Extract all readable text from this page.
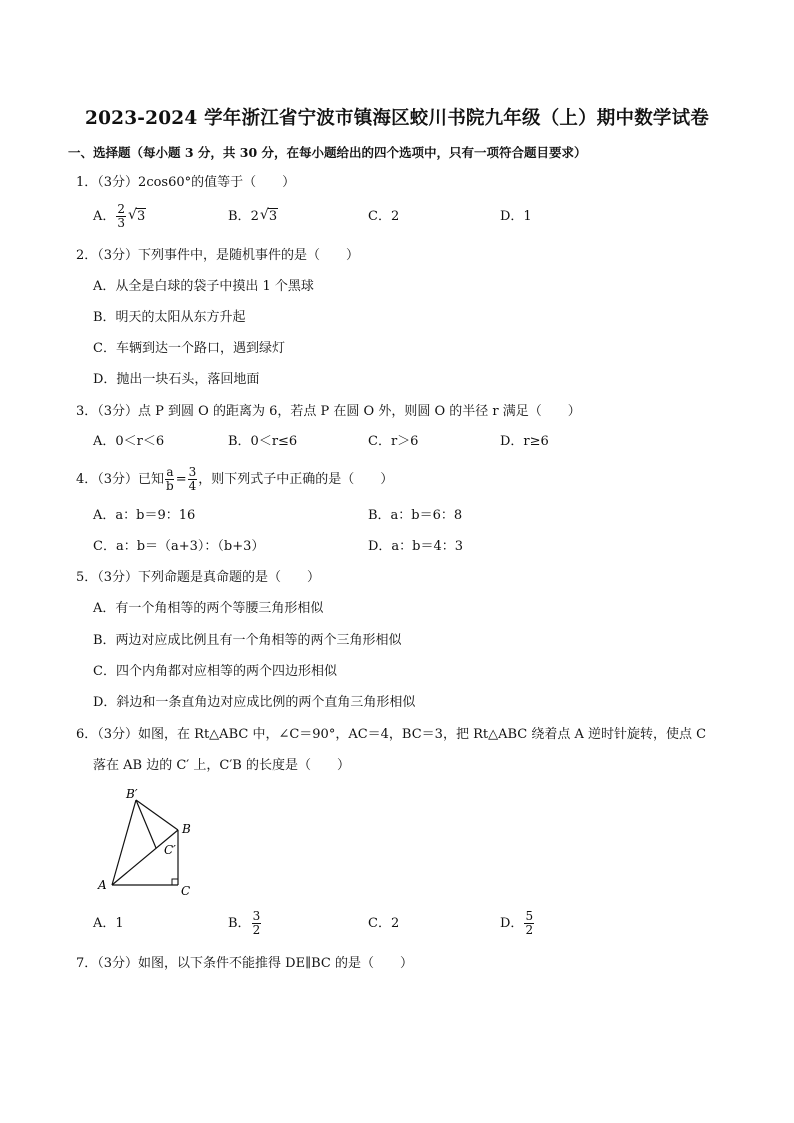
2023-2024 学年浙江省宁波市镇海区蛟川书院九年级（上）期中数学试卷
一、选择题（每小题 3 分，共 30 分，在每小题给出的四个选项中，只有一项符合题目要求）
1．（3分）2cos60°的值等于（　　）
A． $\frac{2}{3}$ √ 3	B．2 √ 3	C．2	D．1
2．（3分）下列事件中，是随机事件的是（　　）
A．从全是白球的袋子中摸出 1 个黑球
B．明天的太阳从东方升起
C．车辆到达一个路口，遇到绿灯
D．抛出一块石头，落回地面
3．（3分）点 P 到圆 O 的距离为 6，若点 P 在圆 O 外，则圆 O 的半径 r 满足（　　）
A．0＜r＜6	B．0＜r≤6	C．r＞6	D．r≥6
4．（3分）已知 $\frac{a}{b} = \frac{3}{4}$ ，则下列式子中正确的是（　　）
A．a：b＝9：16	B．a：b＝6：8
C．a：b＝（a+3）：（b+3）	D．a：b＝4：3
5．（3分）下列命题是真命题的是（　　）
A．有一个角相等的两个等腰三角形相似
B．两边对应成比例且有一个角相等的两个三角形相似
C．四个内角都对应相等的两个四边形相似
D．斜边和一条直角边对应成比例的两个直角三角形相似
6．（3分）如图，在 Rt△ABC 中，∠C＝90°，AC＝4，BC＝3，把 Rt△ABC 绕着点 A 逆时针旋转，使点 C
落在 AB 边的 C′ 上，C′B 的长度是（　　）
B′
B
C′
A	C
A．1	B． $\frac{3}{2}$	C．2	D． $\frac{5}{2}$
7．（3分）如图，以下条件不能推得 DE∥BC 的是（　　）
